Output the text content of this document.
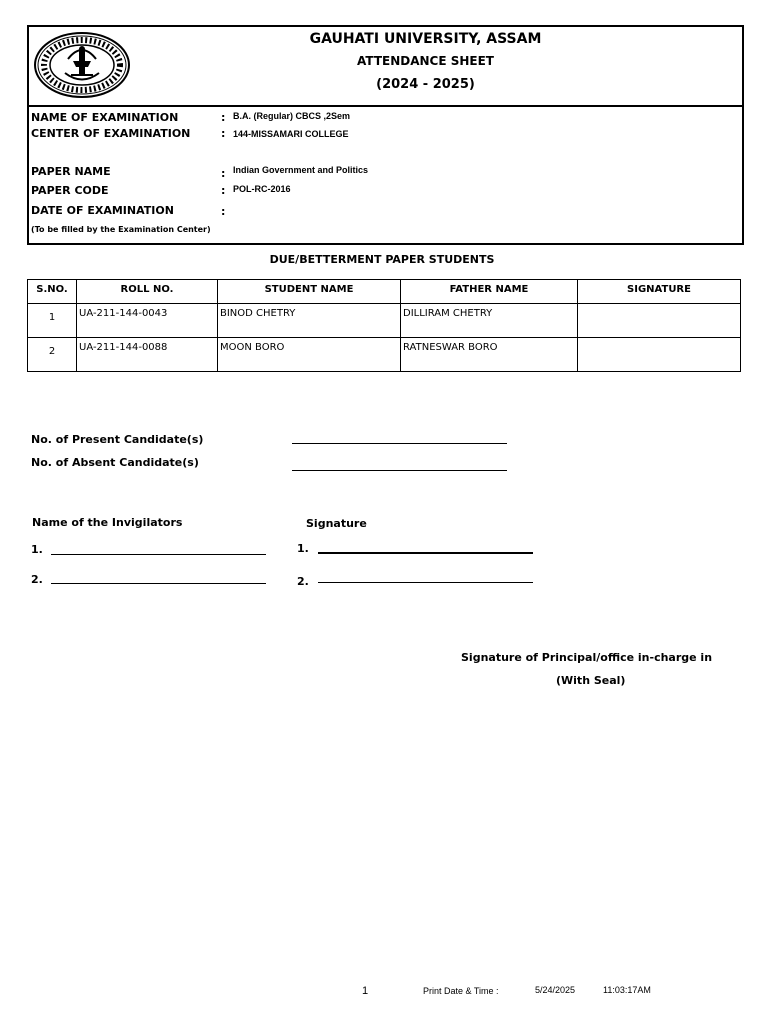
GAUHATI UNIVERSITY, ASSAM
ATTENDANCE SHEET
(2024 - 2025)
NAME OF EXAMINATION	: B.A. (Regular) CBCS ,2Sem
CENTER OF EXAMINATION	: 144-MISSAMARI COLLEGE
PAPER NAME	: Indian Government and Politics
PAPER CODE	: POL-RC-2016
DATE OF EXAMINATION	:
(To be filled by the Examination Center)
DUE/BETTERMENT PAPER STUDENTS
S.NO.	ROLL NO.	STUDENT NAME	FATHER NAME	SIGNATURE
1	UA-211-144-0043	BINOD CHETRY	DILLIRAM CHETRY	
2	UA-211-144-0088	MOON BORO	RATNESWAR BORO	
No. of Present Candidate(s)
No. of Absent Candidate(s)
Name of the Invigilators	Signature
1.	1.
2.	2.
Signature of Principal/office in-charge in
(With Seal)
1	Print Date & Time :	5/24/2025	11:03:17AM
